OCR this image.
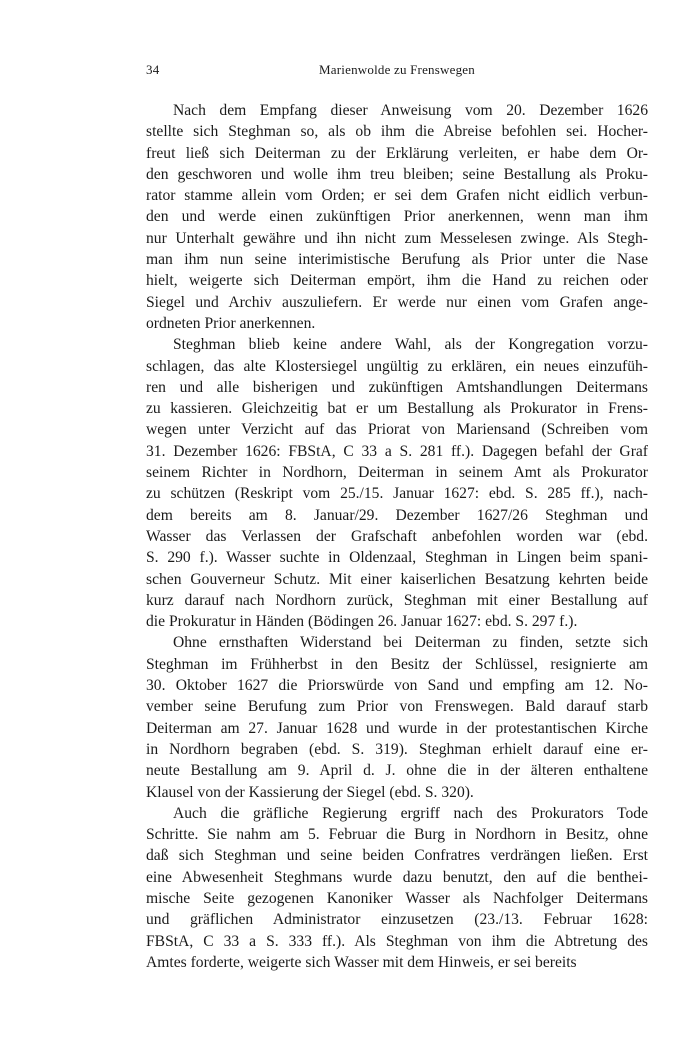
34	Marienwolde zu Frenswegen
Nach dem Empfang dieser Anweisung vom 20. Dezember 1626
stellte sich Steghman so, als ob ihm die Abreise befohlen sei. Hocher-
freut ließ sich Deiterman zu der Erklärung verleiten, er habe dem Or-
den geschworen und wolle ihm treu bleiben; seine Bestallung als Proku-
rator stamme allein vom Orden; er sei dem Grafen nicht eidlich verbun-
den und werde einen zukünftigen Prior anerkennen, wenn man ihm
nur Unterhalt gewähre und ihn nicht zum Messelesen zwinge. Als Stegh-
man ihm nun seine interimistische Berufung als Prior unter die Nase
hielt, weigerte sich Deiterman empört, ihm die Hand zu reichen oder
Siegel und Archiv auszuliefern. Er werde nur einen vom Grafen ange-
ordneten Prior anerkennen.
Steghman blieb keine andere Wahl, als der Kongregation vorzu-
schlagen, das alte Klostersiegel ungültig zu erklären, ein neues einzufüh-
ren und alle bisherigen und zukünftigen Amtshandlungen Deitermans
zu kassieren. Gleichzeitig bat er um Bestallung als Prokurator in Frens-
wegen unter Verzicht auf das Priorat von Mariensand (Schreiben vom
31. Dezember 1626: FBStA, C 33 a S. 281 ff.). Dagegen befahl der Graf
seinem Richter in Nordhorn, Deiterman in seinem Amt als Prokurator
zu schützen (Reskript vom 25./15. Januar 1627: ebd. S. 285 ff.), nach-
dem bereits am 8. Januar/29. Dezember 1627/26 Steghman und
Wasser das Verlassen der Grafschaft anbefohlen worden war (ebd.
S. 290 f.). Wasser suchte in Oldenzaal, Steghman in Lingen beim spani-
schen Gouverneur Schutz. Mit einer kaiserlichen Besatzung kehrten beide
kurz darauf nach Nordhorn zurück, Steghman mit einer Bestallung auf
die Prokuratur in Händen (Bödingen 26. Januar 1627: ebd. S. 297 f.).
Ohne ernsthaften Widerstand bei Deiterman zu finden, setzte sich
Steghman im Frühherbst in den Besitz der Schlüssel, resignierte am
30. Oktober 1627 die Priorswürde von Sand und empfing am 12. No-
vember seine Berufung zum Prior von Frenswegen. Bald darauf starb
Deiterman am 27. Januar 1628 und wurde in der protestantischen Kirche
in Nordhorn begraben (ebd. S. 319). Steghman erhielt darauf eine er-
neute Bestallung am 9. April d. J. ohne die in der älteren enthaltene
Klausel von der Kassierung der Siegel (ebd. S. 320).
Auch die gräfliche Regierung ergriff nach des Prokurators Tode
Schritte. Sie nahm am 5. Februar die Burg in Nordhorn in Besitz, ohne
daß sich Steghman und seine beiden Confratres verdrängen ließen. Erst
eine Abwesenheit Steghmans wurde dazu benutzt, den auf die benthei-
mische Seite gezogenen Kanoniker Wasser als Nachfolger Deitermans
und gräflichen Administrator einzusetzen (23./13. Februar 1628:
FBStA, C 33 a S. 333 ff.). Als Steghman von ihm die Abtretung des
Amtes forderte, weigerte sich Wasser mit dem Hinweis, er sei bereits
